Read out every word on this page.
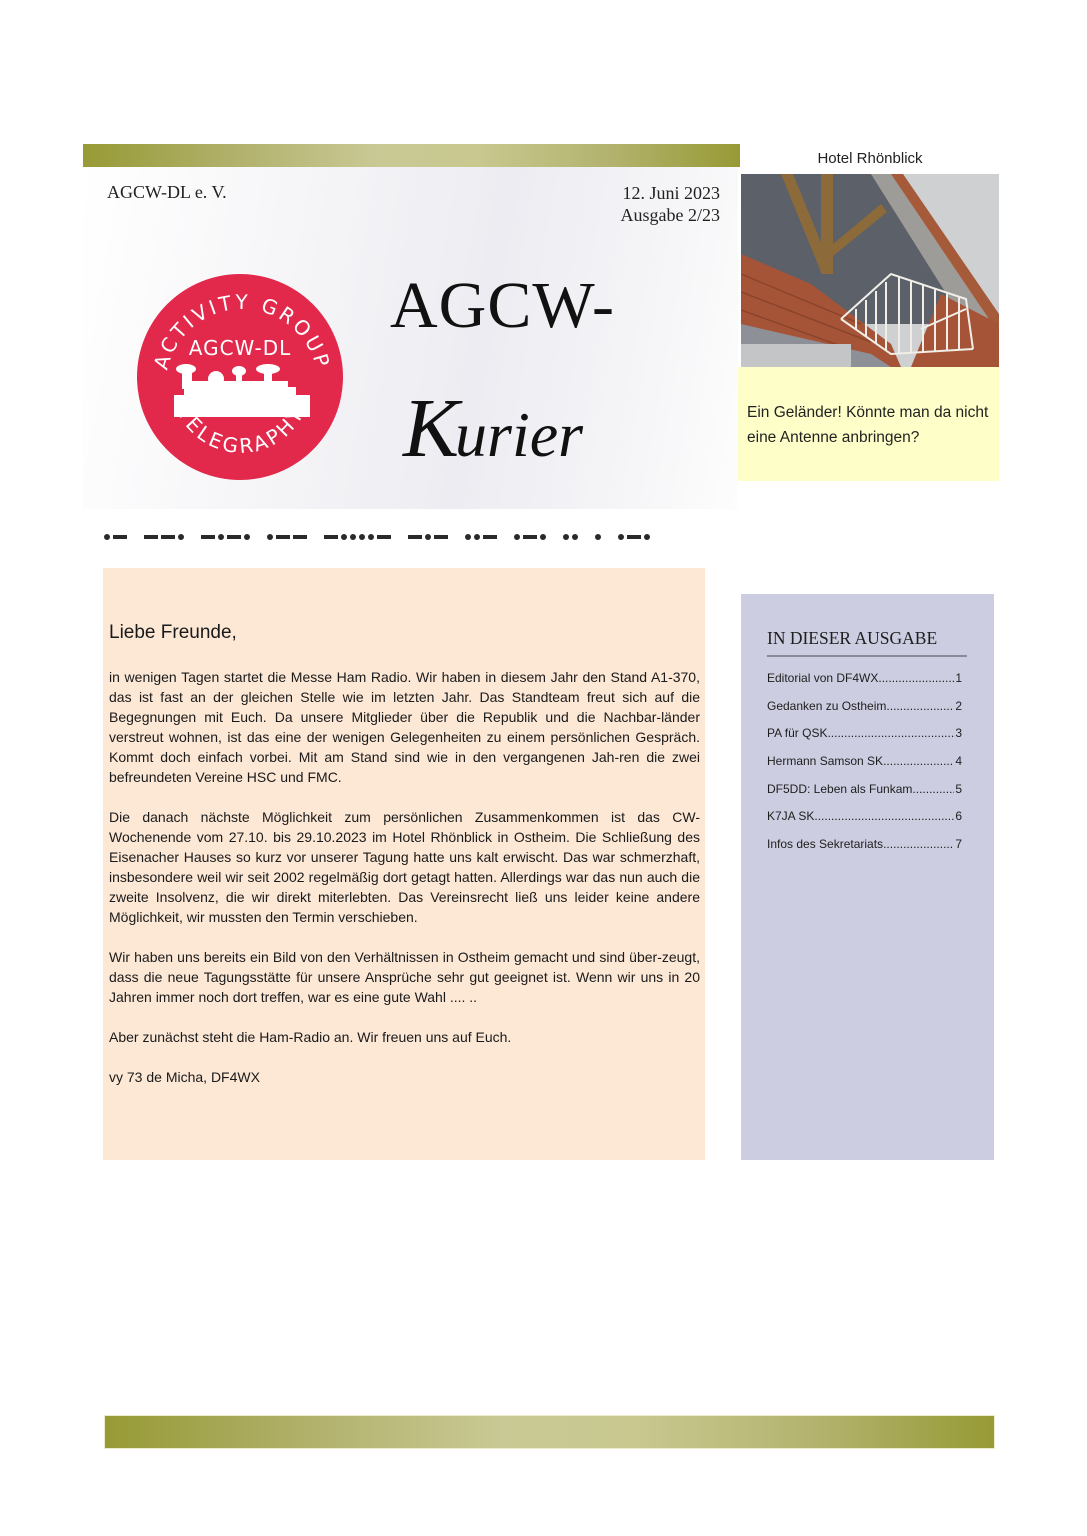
AGCW-DL e. V.	12. Juni 2023
Ausgabe 2/23
ACTIVITY GROUP
AGCW-DL
TELEGRAPHY
AGCW-
Kurier
Hotel Rhönblick
Ein Geländer! Könnte man da nicht eine Antenne anbringen?
Liebe Freunde,

in wenigen Tagen startet die Messe Ham Radio. Wir haben in diesem Jahr den Stand A1-370, das ist fast an der gleichen Stelle wie im letzten Jahr. Das Standteam freut sich auf die Begegnungen mit Euch. Da unsere Mitglieder über die Republik und die Nachbar-länder verstreut wohnen, ist das eine der wenigen Gelegenheiten zu einem persönlichen Gespräch. Kommt doch einfach vorbei. Mit am Stand sind wie in den vergangenen Jah-ren die zwei befreundeten Vereine HSC und FMC.

Die danach nächste Möglichkeit zum persönlichen Zusammenkommen ist das CW-Wochenende vom 27.10. bis 29.10.2023 im Hotel Rhönblick in Ostheim. Die Schließung des Eisenacher Hauses so kurz vor unserer Tagung hatte uns kalt erwischt. Das war schmerzhaft, insbesondere weil wir seit 2002 regelmäßig dort getagt hatten. Allerdings war das nun auch die zweite Insolvenz, die wir direkt miterlebten. Das Vereinsrecht ließ uns leider keine andere Möglichkeit, wir mussten den Termin verschieben.

Wir haben uns bereits ein Bild von den Verhältnissen in Ostheim gemacht und sind über-zeugt, dass die neue Tagungsstätte für unsere Ansprüche sehr gut geeignet ist. Wenn wir uns in 20 Jahren immer noch dort treffen, war es eine gute Wahl .... ..

Aber zunächst steht die Ham-Radio an. Wir freuen uns auf Euch.

vy 73 de Micha, DF4WX

IN DIESER AUSGABE
Editorial von DF4WX .....	1
Gedanken zu Ostheim .....	2
PA für QSK .....	3
Hermann Samson SK .....	4
DF5DD: Leben als Funkam .....	5
K7JA SK .....	6
Infos des Sekretariats .....	7
